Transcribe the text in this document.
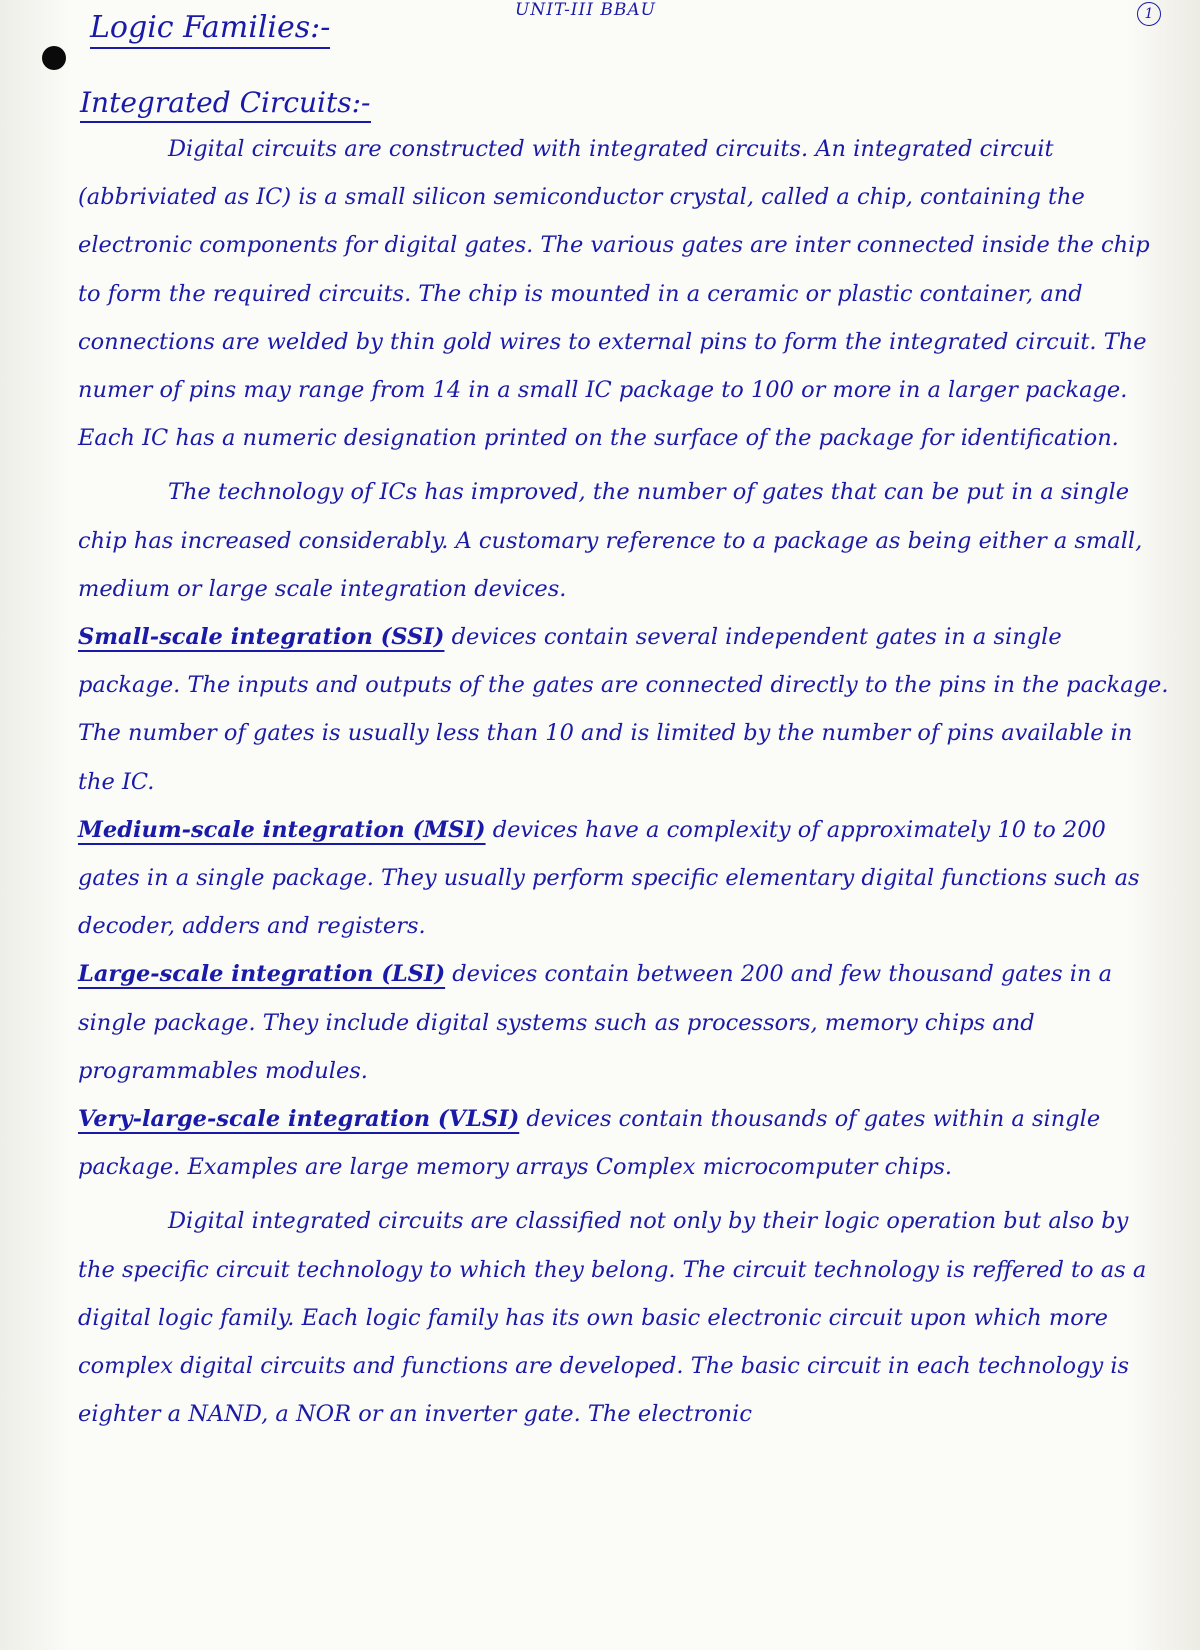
UNIT-III BBAU	1
Logic Families:-
Integrated Circuits:-

Digital circuits are constructed with integrated circuits. An integrated circuit (abbriviated as IC) is a small silicon semiconductor crystal, called a chip, containing the electronic components for digital gates. The various gates are inter connected inside the chip to form the required circuits. The chip is mounted in a ceramic or plastic container, and connections are welded by thin gold wires to external pins to form the integrated circuit. The numer of pins may range from 14 in a small IC package to 100 or more in a larger package. Each IC has a numeric designation printed on the surface of the package for identification.

The technology of ICs has improved, the number of gates that can be put in a single chip has increased considerably. A customary reference to a package as being either a small, medium or large scale integration devices.

Small-scale integration (SSI) devices contain several independent gates in a single package. The inputs and outputs of the gates are connected directly to the pins in the package. The number of gates is usually less than 10 and is limited by the number of pins available in the IC.

Medium-scale integration (MSI) devices have a complexity of approximately 10 to 200 gates in a single package. They usually perform specific elementary digital functions such as decoder, adders and registers.

Large-scale integration (LSI) devices contain between 200 and few thousand gates in a single package. They include digital systems such as processors, memory chips and programmables modules.

Very-large-scale integration (VLSI) devices contain thousands of gates within a single package. Examples are large memory arrays Complex microcomputer chips.

Digital integrated circuits are classified not only by their logic operation but also by the specific circuit technology to which they belong. The circuit technology is reffered to as a digital logic family. Each logic family has its own basic electronic circuit upon which more complex digital circuits and functions are developed. The basic circuit in each technology is eighter a NAND, a NOR or an inverter gate. The electronic
